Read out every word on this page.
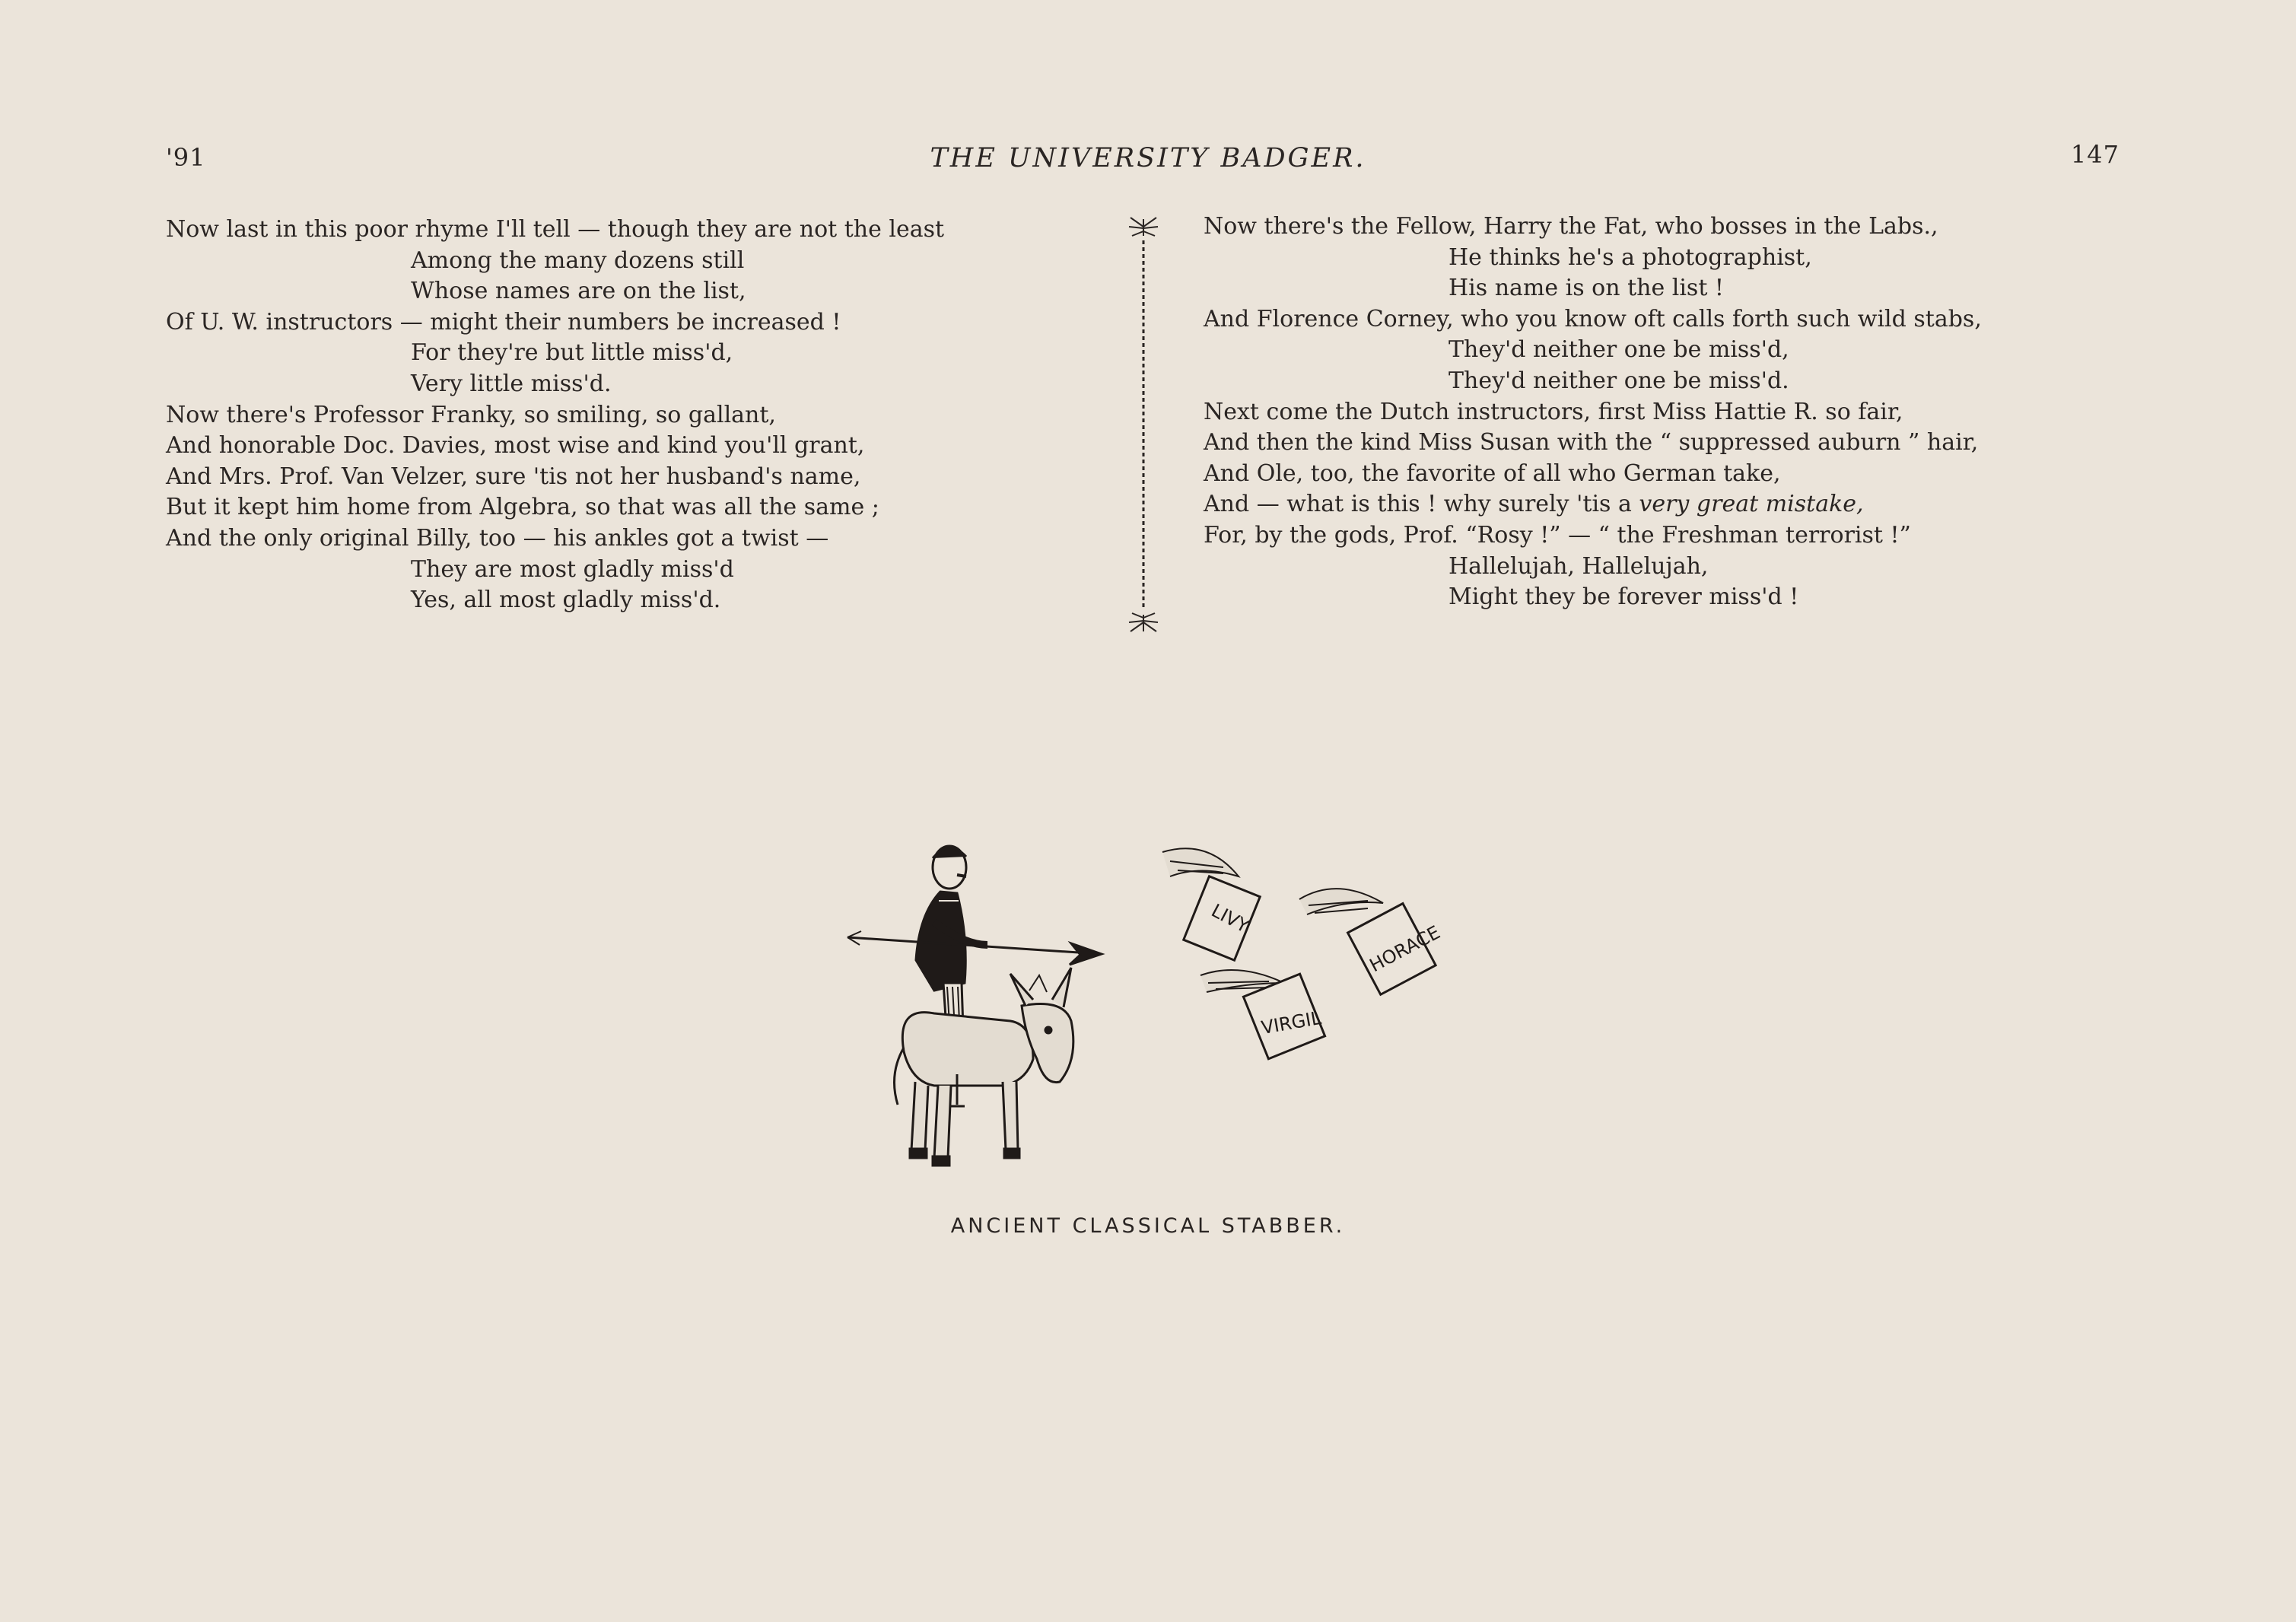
'91	THE UNIVERSITY BADGER.	147
Now last in this poor rhyme I'll tell — though they are not the least
Among the many dozens still
Whose names are on the list,
Of U. W. instructors — might their numbers be increased !
For they're but little miss'd,
Very little miss'd.
Now there's Professor Franky, so smiling, so gallant,
And honorable Doc. Davies, most wise and kind you'll grant,
And Mrs. Prof. Van Velzer, sure 'tis not her husband's name,
But it kept him home from Algebra, so that was all the same ;
And the only original Billy, too — his ankles got a twist —
They are most gladly miss'd
Yes, all most gladly miss'd.
Now there's the Fellow, Harry the Fat, who bosses in the Labs.,
He thinks he's a photographist,
His name is on the list !
And Florence Corney, who you know oft calls forth such wild stabs,
They'd neither one be miss'd,
They'd neither one be miss'd.
Next come the Dutch instructors, first Miss Hattie R. so fair,
And then the kind Miss Susan with the “ suppressed auburn ” hair,
And Ole, too, the favorite of all who German take,
And — what is this ! why surely 'tis a very great mistake,
For, by the gods, Prof. “Rosy !” — “ the Freshman terrorist !”
Hallelujah, Hallelujah,
Might they be forever miss'd !
LIVY
HORACE
VIRGIL
ANCIENT CLASSICAL STABBER.
